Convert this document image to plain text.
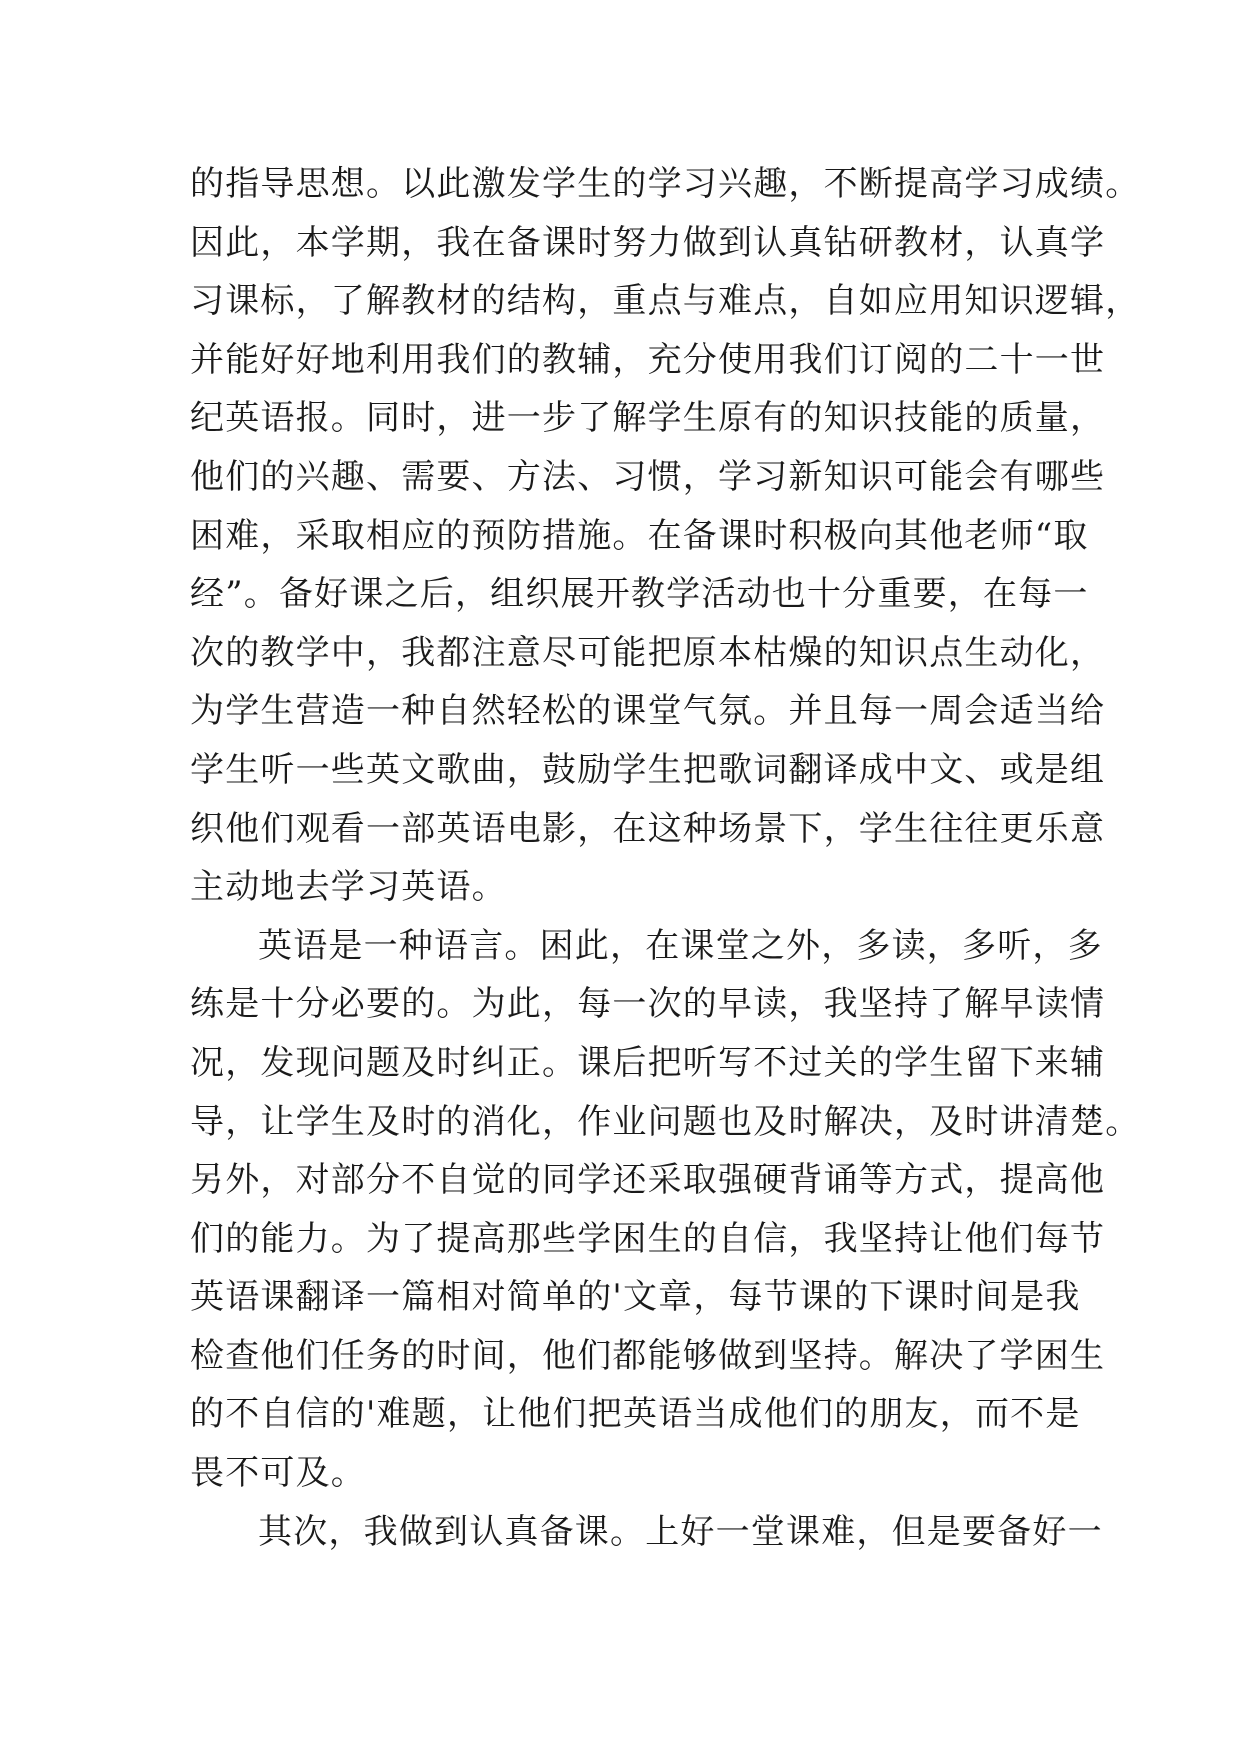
的指导思想。以此激发学生的学习兴趣，不断提高学习成绩。
因此，本学期，我在备课时努力做到认真钻研教材，认真学
习课标，了解教材的结构，重点与难点，自如应用知识逻辑，
并能好好地利用我们的教辅，充分使用我们订阅的二十一世
纪英语报。同时，进一步了解学生原有的知识技能的质量，
他们的兴趣、需要、方法、习惯，学习新知识可能会有哪些
困难，采取相应的预防措施。在备课时积极向其他老师“取
经”。备好课之后，组织展开教学活动也十分重要，在每一
次的教学中，我都注意尽可能把原本枯燥的知识点生动化，
为学生营造一种自然轻松的课堂气氛。并且每一周会适当给
学生听一些英文歌曲，鼓励学生把歌词翻译成中文、或是组
织他们观看一部英语电影，在这种场景下，学生往往更乐意
主动地去学习英语。
英语是一种语言。困此，在课堂之外，多读，多听，多
练是十分必要的。为此，每一次的早读，我坚持了解早读情
况，发现问题及时纠正。课后把听写不过关的学生留下来辅
导，让学生及时的消化，作业问题也及时解决，及时讲清楚。
另外，对部分不自觉的同学还采取强硬背诵等方式，提高他
们的能力。为了提高那些学困生的自信，我坚持让他们每节
英语课翻译一篇相对简单的'文章，每节课的下课时间是我
检查他们任务的时间，他们都能够做到坚持。解决了学困生
的不自信的'难题，让他们把英语当成他们的朋友，而不是
畏不可及。
其次，我做到认真备课。上好一堂课难，但是要备好一
